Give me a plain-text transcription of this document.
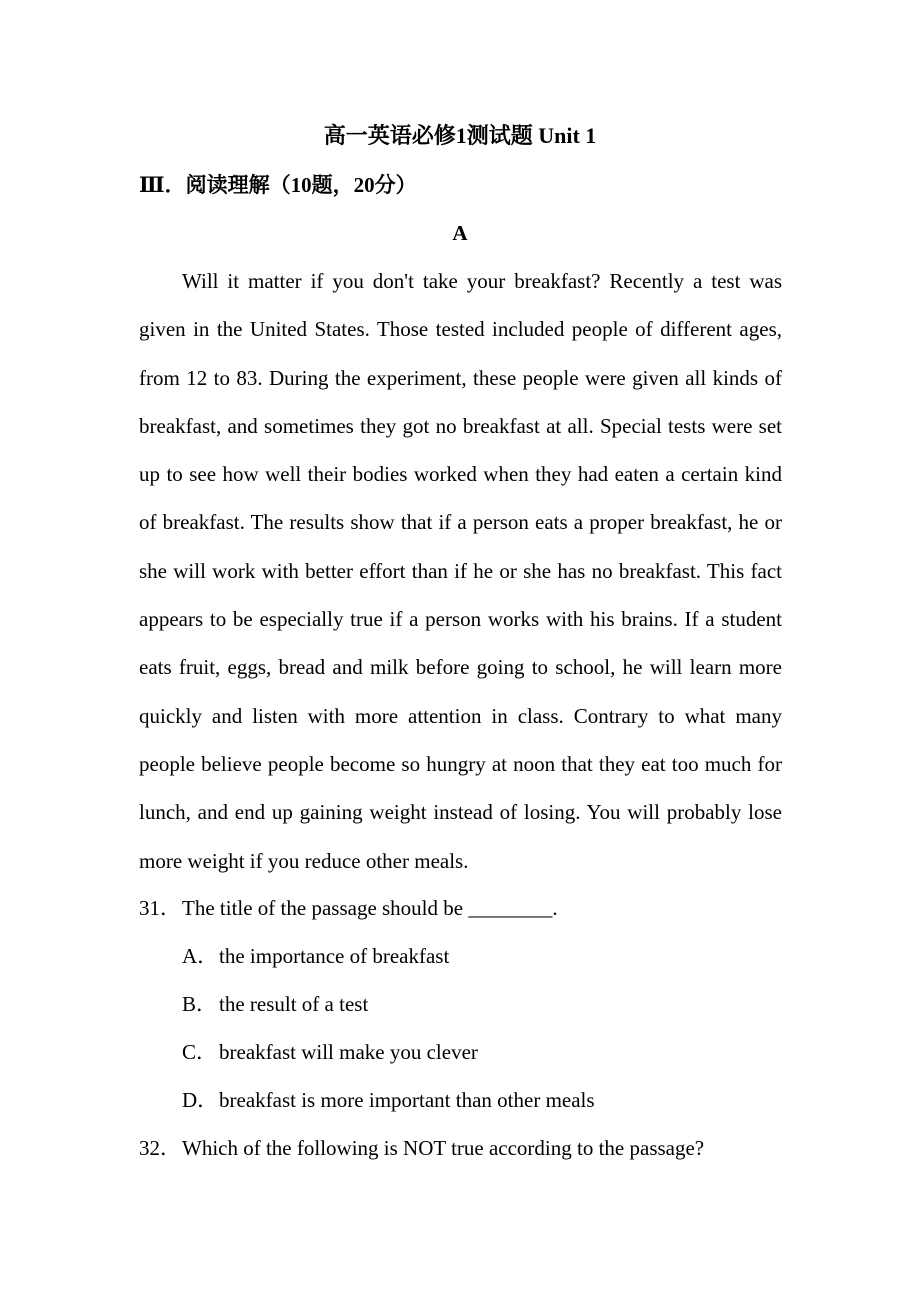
高一英语必修1测试题 Unit 1
Ⅲ．阅读理解（10题，20分）
A

Will it matter if you don't take your breakfast? Recently a test was given in the United States. Those tested included people of different ages, from 12 to 83. During the experiment, these people were given all kinds of breakfast, and sometimes they got no breakfast at all. Special tests were set up to see how well their bodies worked when they had eaten a certain kind of breakfast. The results show that if a person eats a proper breakfast, he or she will work with better effort than if he or she has no breakfast. This fact appears to be especially true if a person works with his brains. If a student eats fruit, eggs, bread and milk before going to school, he will learn more quickly and listen with more attention in class. Contrary to what many people believe people become so hungry at noon that they eat too much for lunch, and end up gaining weight instead of losing. You will probably lose more weight if you reduce other meals.

31．The title of the passage should be ________.
A．the importance of breakfast
B．the result of a test
C．breakfast will make you clever
D．breakfast is more important than other meals
32．Which of the following is NOT true according to the passage?
